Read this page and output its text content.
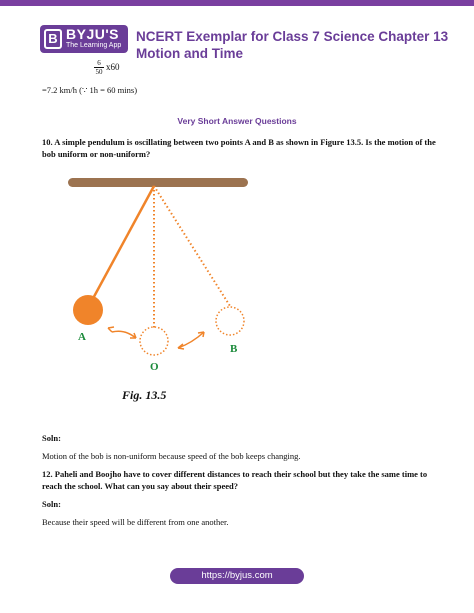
B BYJU'S
The Learning App
NCERT Exemplar for Class 7 Science Chapter 13 Motion and Time
$\frac{6}{50} x60$
=7.2 km/h (∵ 1h = 60 mins)
Very Short Answer Questions
10. A simple pendulum is oscillating between two points A and B as shown in Figure 13.5. Is the motion of the bob uniform or non-uniform?
A
O
B
Fig. 13.5
Soln:
Motion of the bob is non-uniform because speed of the bob keeps changing.
12. Paheli and Boojho have to cover different distances to reach their school but they take the same time to reach the school. What can you say about their speed?
Soln:
Because their speed will be different from one another.
https://byjus.com
